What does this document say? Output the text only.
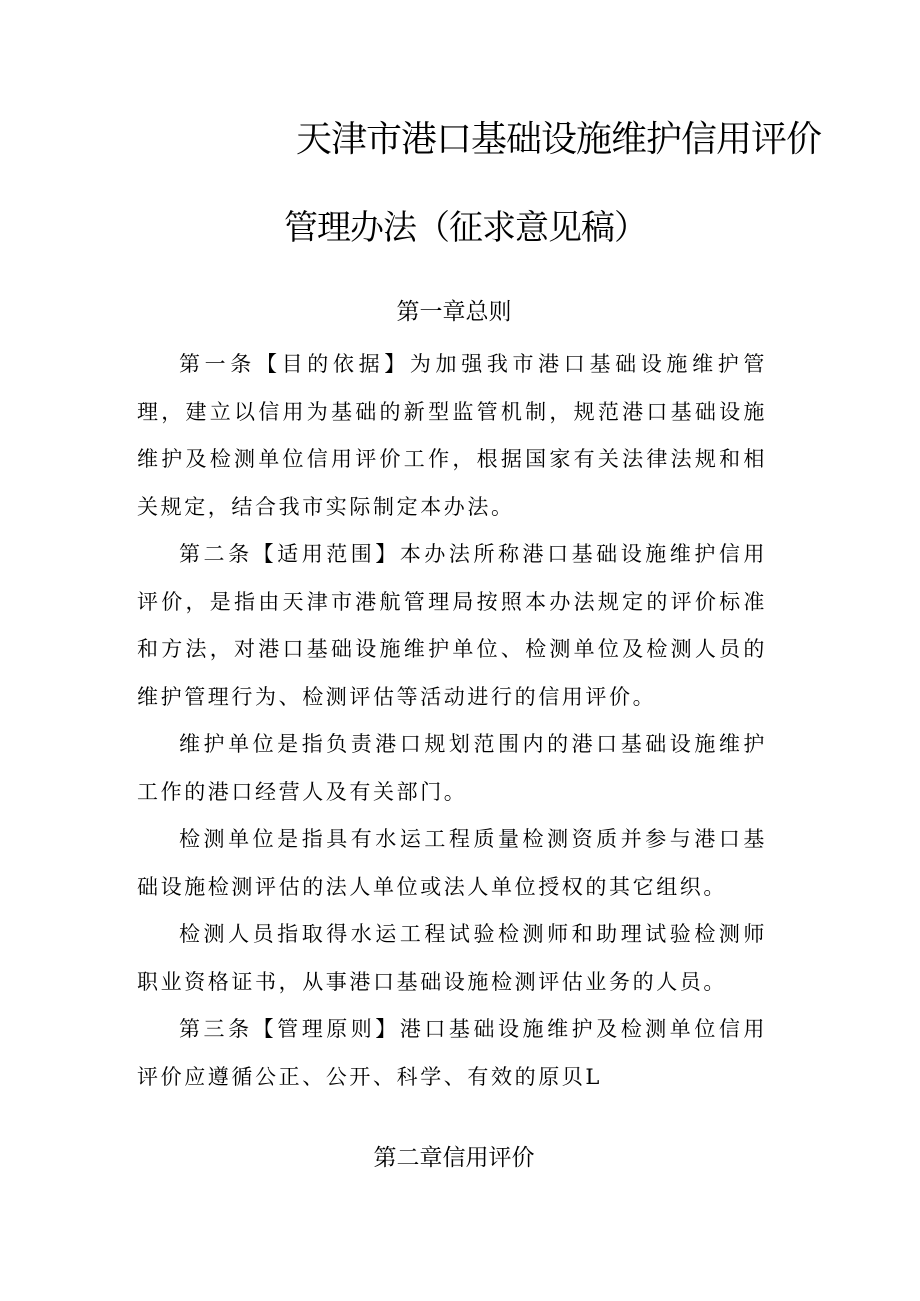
天津市港口基础设施维护信用评价
管理办法（征求意见稿）
第一章总则

第一条【目的依据】为加强我市港口基础设施维护管理，建立以信用为基础的新型监管机制，规范港口基础设施维护及检测单位信用评价工作，根据国家有关法律法规和相关规定，结合我市实际制定本办法。

第二条【适用范围】本办法所称港口基础设施维护信用评价，是指由天津市港航管理局按照本办法规定的评价标准和方法，对港口基础设施维护单位、检测单位及检测人员的维护管理行为、检测评估等活动进行的信用评价。

维护单位是指负责港口规划范围内的港口基础设施维护工作的港口经营人及有关部门。

检测单位是指具有水运工程质量检测资质并参与港口基础设施检测评估的法人单位或法人单位授权的其它组织。

检测人员指取得水运工程试验检测师和助理试验检测师职业资格证书，从事港口基础设施检测评估业务的人员。

第三条【管理原则】港口基础设施维护及检测单位信用评价应遵循公正、公开、科学、有效的原贝L

第二章信用评价
